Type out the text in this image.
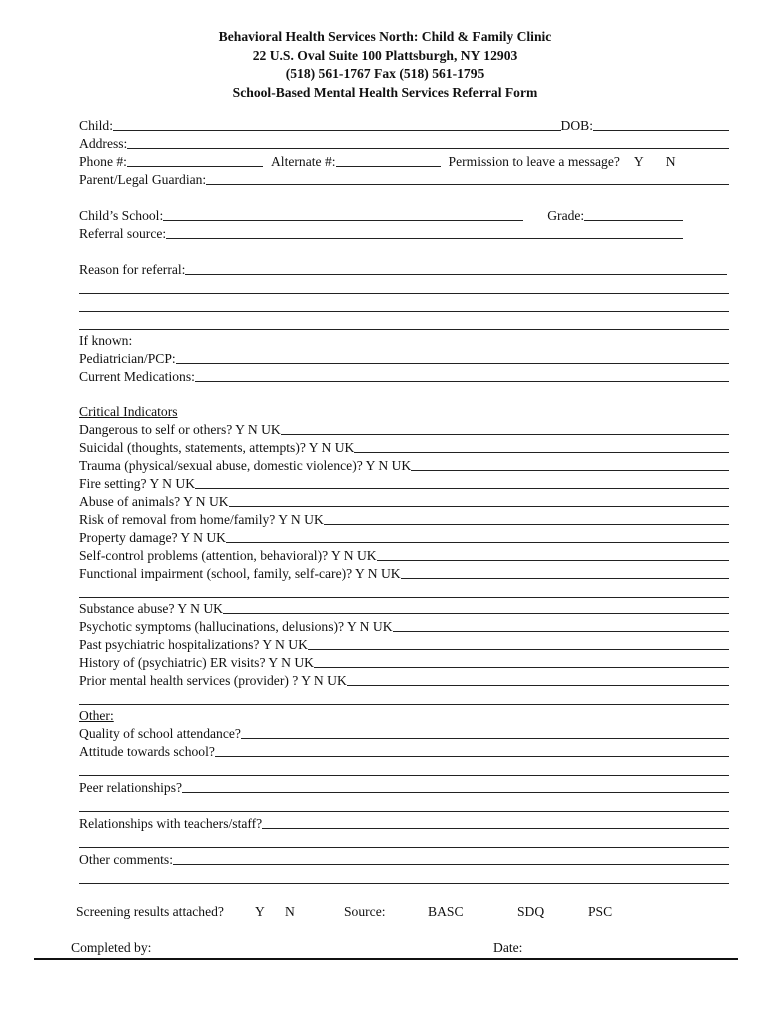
Behavioral Health Services North: Child & Family Clinic
22 U.S. Oval Suite 100 Plattsburgh, NY 12903
(518) 561-1767 Fax (518) 561-1795
School-Based Mental Health Services Referral Form
Child:	DOB:
Address:
Phone #:	Alternate #:	Permission to leave a message? Y N
Parent/Legal Guardian:
Child’s School:	Grade:
Referral source:
Reason for referral:
If known:
Pediatrician/PCP:
Current Medications:
Critical Indicators
Dangerous to self or others? Y N UK
Suicidal (thoughts, statements, attempts)? Y N UK
Trauma (physical/sexual abuse, domestic violence)? Y N UK
Fire setting? Y N UK
Abuse of animals? Y N UK
Risk of removal from home/family? Y N UK
Property damage? Y N UK
Self-control problems (attention, behavioral)? Y N UK
Functional impairment (school, family, self-care)? Y N UK
Substance abuse? Y N UK
Psychotic symptoms (hallucinations, delusions)? Y N UK
Past psychiatric hospitalizations? Y N UK
History of (psychiatric) ER visits? Y N UK
Prior mental health services (provider) ? Y N UK
Other:
Quality of school attendance?
Attitude towards school?
Peer relationships?
Relationships with teachers/staff?
Other comments:
Screening results attached? Y N	Source:	BASC	SDQ	PSC
Completed by:	Date:
